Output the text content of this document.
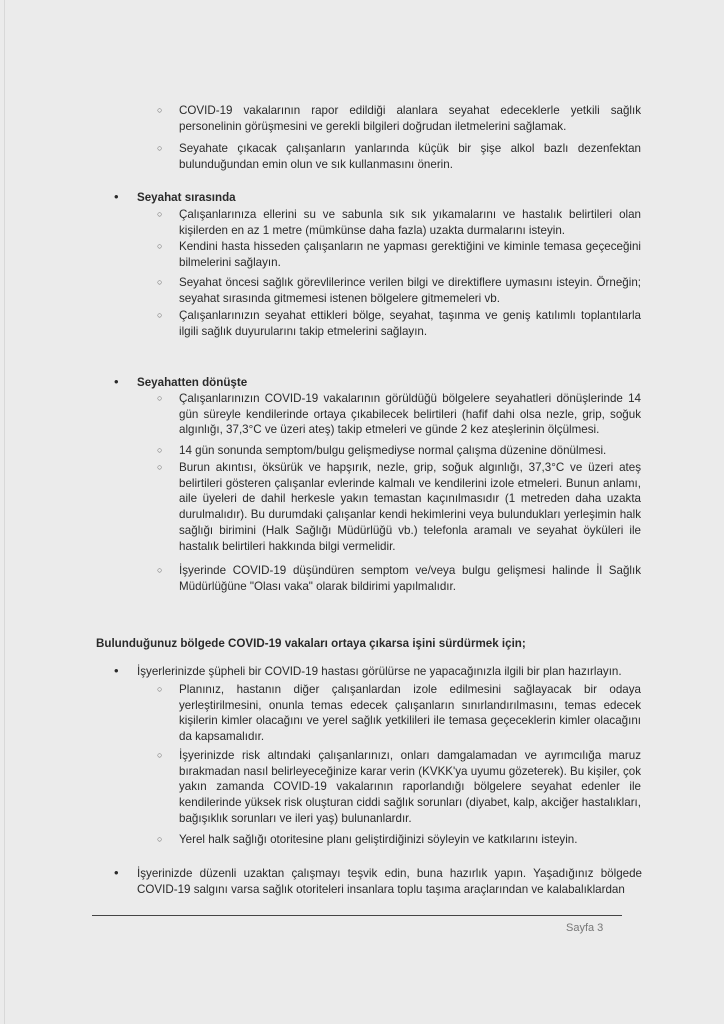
○ COVID-19 vakalarının rapor edildiği alanlara seyahat edeceklerle yetkili sağlık personelinin görüşmesini ve gerekli bilgileri doğrudan iletmelerini sağlamak.
○ Seyahate çıkacak çalışanların yanlarında küçük bir şişe alkol bazlı dezenfektan bulunduğundan emin olun ve sık kullanmasını önerin.
• Seyahat sırasında
○ Çalışanlarınıza ellerini su ve sabunla sık sık yıkamalarını ve hastalık belirtileri olan kişilerden en az 1 metre (mümkünse daha fazla) uzakta durmalarını isteyin.
○ Kendini hasta hisseden çalışanların ne yapması gerektiğini ve kiminle temasa geçeceğini bilmelerini sağlayın.
○ Seyahat öncesi sağlık görevlilerince verilen bilgi ve direktiflere uymasını isteyin. Örneğin; seyahat sırasında gitmemesi istenen bölgelere gitmemeleri vb.
○ Çalışanlarınızın seyahat ettikleri bölge, seyahat, taşınma ve geniş katılımlı toplantılarla ilgili sağlık duyurularını takip etmelerini sağlayın.
• Seyahatten dönüşte
○ Çalışanlarınızın COVID-19 vakalarının görüldüğü bölgelere seyahatleri dönüşlerinde 14 gün süreyle kendilerinde ortaya çıkabilecek belirtileri (hafif dahi olsa nezle, grip, soğuk algınlığı, 37,3°C ve üzeri ateş) takip etmeleri ve günde 2 kez ateşlerinin ölçülmesi.
○ 14 gün sonunda semptom/bulgu gelişmediyse normal çalışma düzenine dönülmesi.
○ Burun akıntısı, öksürük ve hapşırık, nezle, grip, soğuk algınlığı, 37,3°C ve üzeri ateş belirtileri gösteren çalışanlar evlerinde kalmalı ve kendilerini izole etmeleri. Bunun anlamı, aile üyeleri de dahil herkesle yakın temastan kaçınılmasıdır (1 metreden daha uzakta durulmalıdır). Bu durumdaki çalışanlar kendi hekimlerini veya bulundukları yerleşimin halk sağlığı birimini (Halk Sağlığı Müdürlüğü vb.) telefonla aramalı ve seyahat öyküleri ile hastalık belirtileri hakkında bilgi vermelidir.
○ İşyerinde COVID-19 düşündüren semptom ve/veya bulgu gelişmesi halinde İl Sağlık Müdürlüğüne "Olası vaka" olarak bildirimi yapılmalıdır.
Bulunduğunuz bölgede COVID-19 vakaları ortaya çıkarsa işini sürdürmek için;
• İşyerlerinizde şüpheli bir COVID-19 hastası görülürse ne yapacağınızla ilgili bir plan hazırlayın.
○ Planınız, hastanın diğer çalışanlardan izole edilmesini sağlayacak bir odaya yerleştirilmesini, onunla temas edecek çalışanların sınırlandırılmasını, temas edecek kişilerin kimler olacağını ve yerel sağlık yetkilileri ile temasa geçeceklerin kimler olacağını da kapsamalıdır.
○ İşyerinizde risk altındaki çalışanlarınızı, onları damgalamadan ve ayrımcılığa maruz bırakmadan nasıl belirleyeceğinize karar verin (KVKK'ya uyumu gözeterek). Bu kişiler, çok yakın zamanda COVID-19 vakalarının raporlandığı bölgelere seyahat edenler ile kendilerinde yüksek risk oluşturan ciddi sağlık sorunları (diyabet, kalp, akciğer hastalıkları, bağışıklık sorunları ve ileri yaş) bulunanlardır.
○ Yerel halk sağlığı otoritesine planı geliştirdiğinizi söyleyin ve katkılarını isteyin.
• İşyerinizde düzenli uzaktan çalışmayı teşvik edin, buna hazırlık yapın. Yaşadığınız bölgede COVID-19 salgını varsa sağlık otoriteleri insanlara toplu taşıma araçlarından ve kalabalıklardan
Sayfa 3
